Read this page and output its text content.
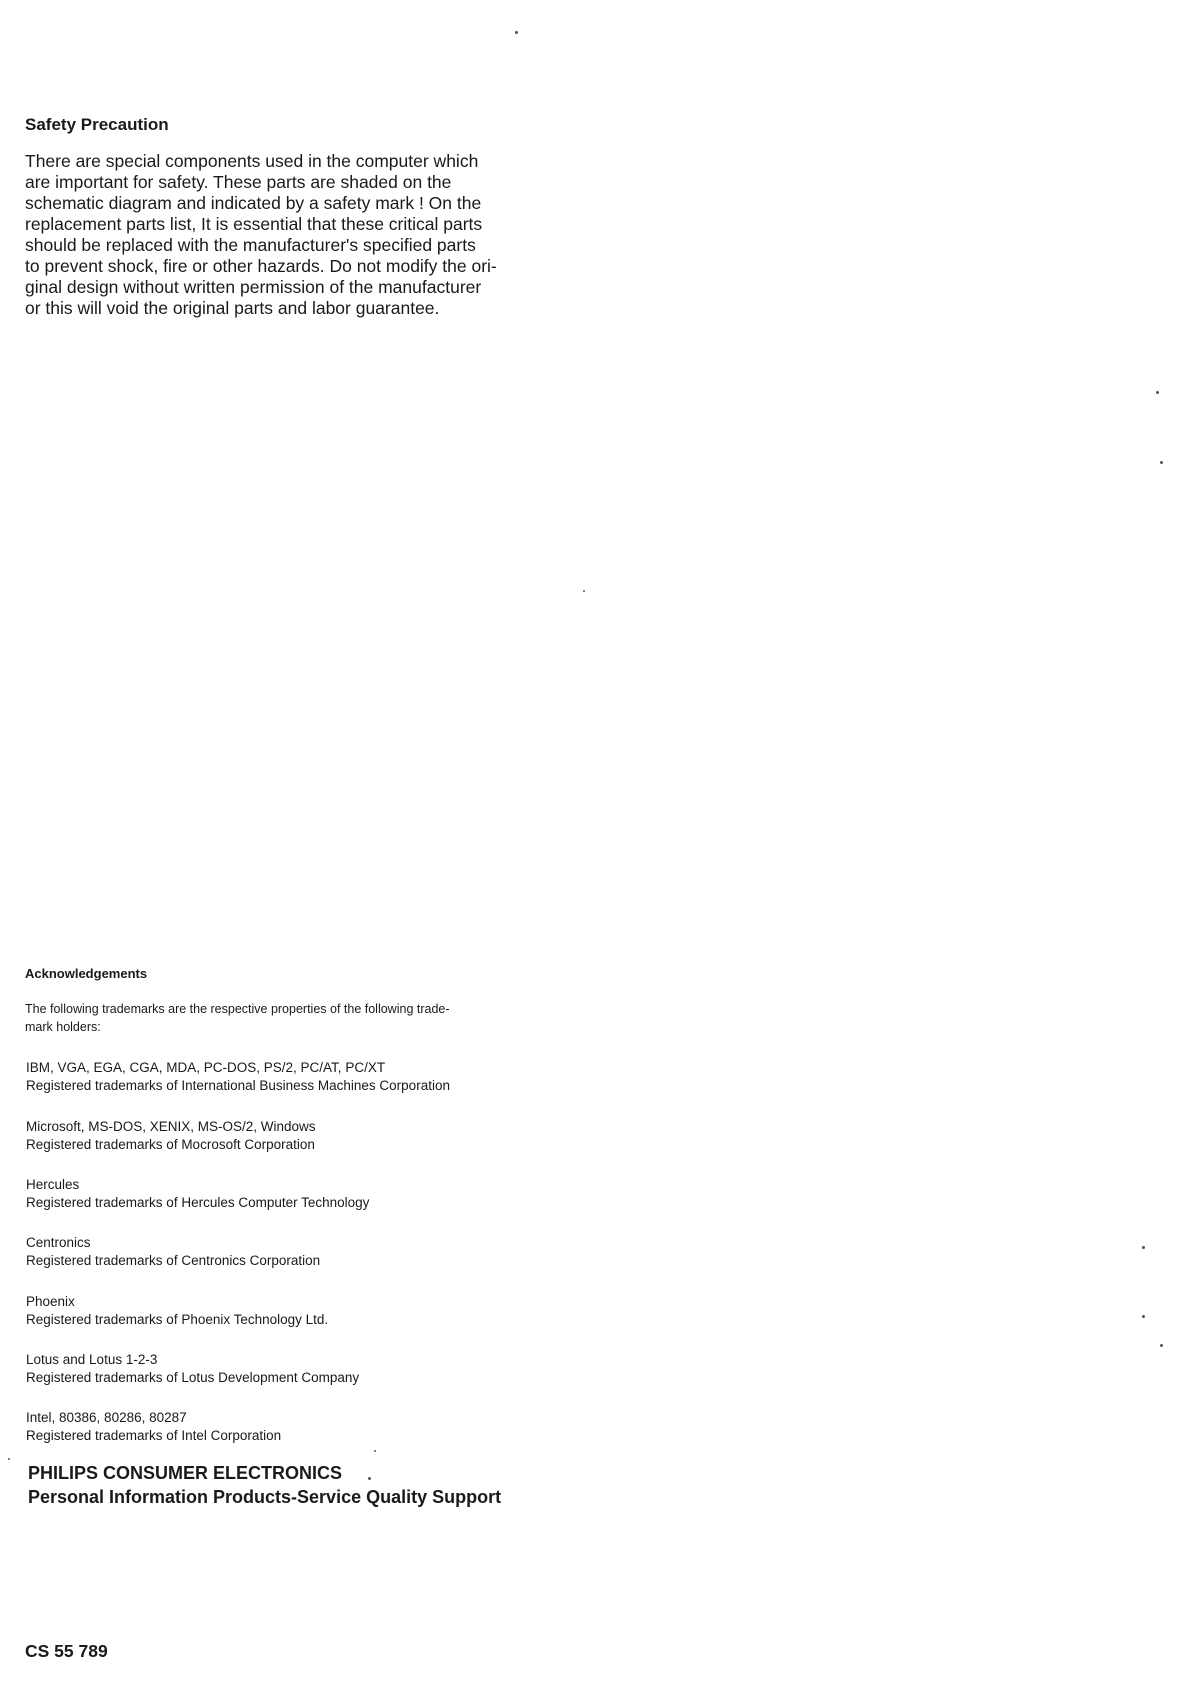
Safety Precaution
There are special components used in the computer which
are important for safety. These parts are shaded on the
schematic diagram and indicated by a safety mark ! On the
replacement parts list, It is essential that these critical parts
should be replaced with the manufacturer's specified parts
to prevent shock, fire or other hazards. Do not modify the ori-
ginal design without written permission of the manufacturer
or this will void the original parts and labor guarantee.
Acknowledgements
The following trademarks are the respective properties of the following trade-
mark holders:
IBM, VGA, EGA, CGA, MDA, PC-DOS, PS/2, PC/AT, PC/XT
Registered trademarks of International Business Machines Corporation
Microsoft, MS-DOS, XENIX, MS-OS/2, Windows
Registered trademarks of Mocrosoft Corporation
Hercules
Registered trademarks of Hercules Computer Technology
Centronics
Registered trademarks of Centronics Corporation
Phoenix
Registered trademarks of Phoenix Technology Ltd.
Lotus and Lotus 1-2-3
Registered trademarks of Lotus Development Company
Intel, 80386, 80286, 80287
Registered trademarks of Intel Corporation
PHILIPS CONSUMER ELECTRONICS
Personal Information Products-Service Quality Support
CS 55 789
